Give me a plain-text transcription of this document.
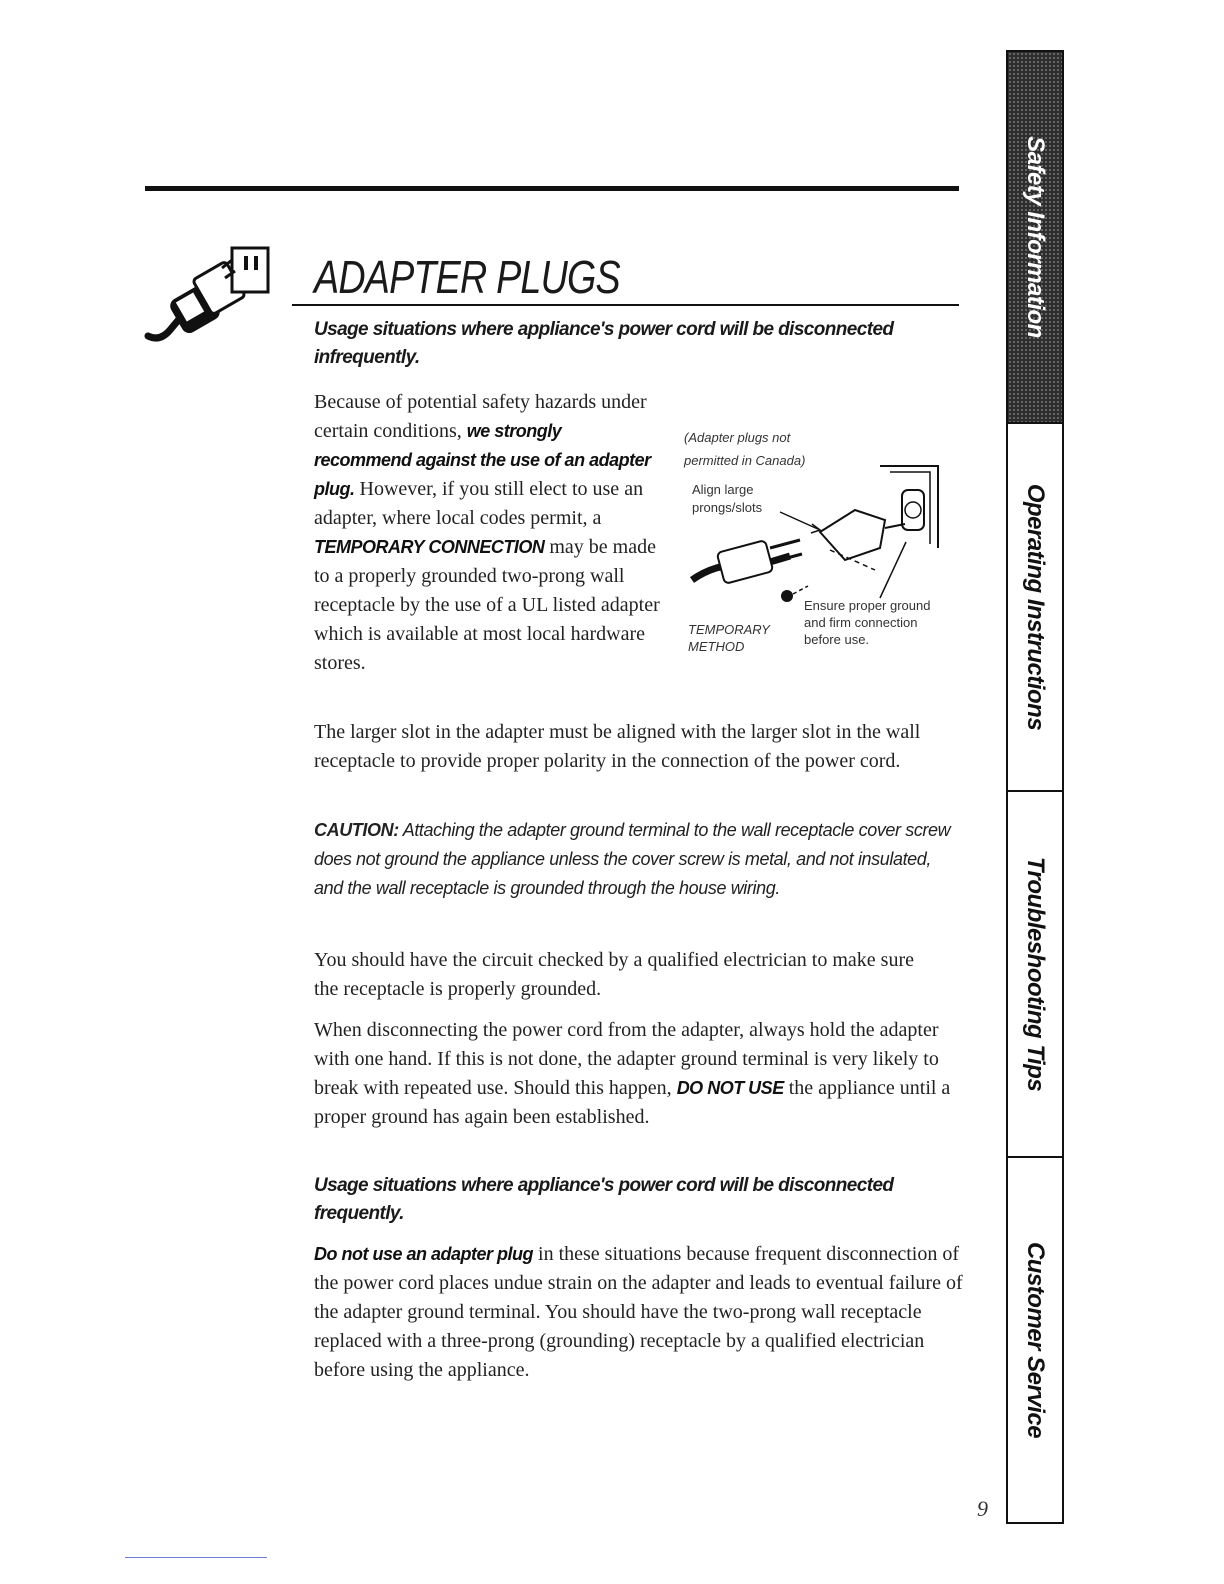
ADAPTER PLUGS

Usage situations where appliance's power cord will be disconnected infrequently.

Because of potential safety hazards under certain conditions, we strongly recommend against the use of an adapter plug. However, if you still elect to use an adapter, where local codes permit, a TEMPORARY CONNECTION may be made to a properly grounded two-prong wall receptacle by the use of a UL listed adapter which is available at most local hardware stores.

(Adapter plugs not

permitted in Canada)

Align large

prongs/slots

Ensure proper ground

and firm connection

before use.

TEMPORARY

METHOD

The larger slot in the adapter must be aligned with the larger slot in the wall receptacle to provide proper polarity in the connection of the power cord.

CAUTION: Attaching the adapter ground terminal to the wall receptacle cover screw does not ground the appliance unless the cover screw is metal, and not insulated, and the wall receptacle is grounded through the house wiring.

You should have the circuit checked by a qualified electrician to make sure the receptacle is properly grounded.

When disconnecting the power cord from the adapter, always hold the adapter with one hand. If this is not done, the adapter ground terminal is very likely to break with repeated use. Should this happen, DO NOT USE the appliance until a proper ground has again been established.

Usage situations where appliance's power cord will be disconnected frequently.

Do not use an adapter plug in these situations because frequent disconnection of the power cord places undue strain on the adapter and leads to eventual failure of the adapter ground terminal. You should have the two-prong wall receptacle replaced with a three-prong (grounding) receptacle by a qualified electrician before using the appliance.

Safety Information
Operating Instructions
Troubleshooting Tips
Customer Service

9
